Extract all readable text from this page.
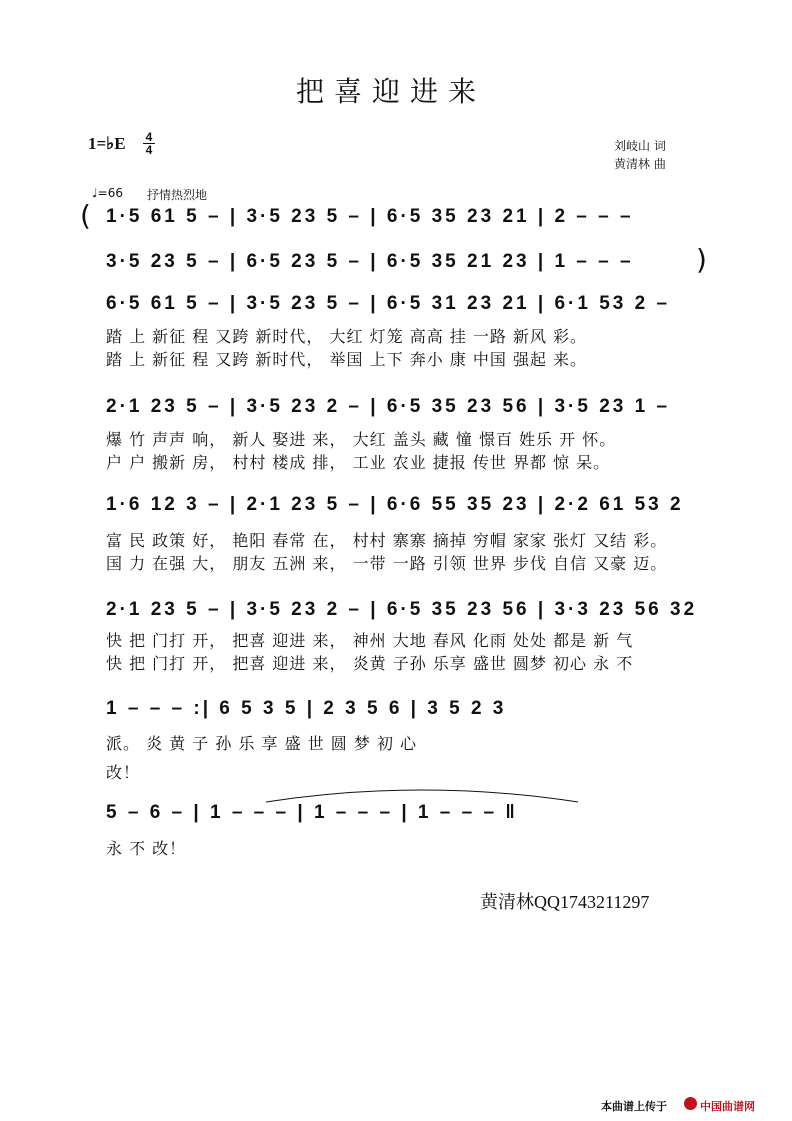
把喜迎进来
1=♭E 4
4	刘岐山 词
黄清林 曲
♩=66 抒情热烈地
(
)
1·5 61 5 – | 3·5 23 5 – | 6·5 35 23 21 | 2 – – –
3·5 23 5 – | 6·5 23 5 – | 6·5 35 21 23 | 1 – – –
6·5 61 5 – | 3·5 23 5 – | 6·5 31 23 21 | 6·1 53 2 –
踏 上 新征 程 又跨 新时代， 大红 灯笼 高高 挂 一路 新风 彩。
踏 上 新征 程 又跨 新时代， 举国 上下 奔小 康 中国 强起 来。
2·1 23 5 – | 3·5 23 2 – | 6·5 35 23 56 | 3·5 23 1 –
爆 竹 声声 响， 新人 娶进 来， 大红 盖头 藏 憧 憬百 姓乐 开 怀。
户 户 搬新 房， 村村 楼成 排， 工业 农业 捷报 传世 界都 惊 呆。
1·6 12 3 – | 2·1 23 5 – | 6·6 55 35 23 | 2·2 61 53 2
富 民 政策 好， 艳阳 春常 在， 村村 寨寨 摘掉 穷帽 家家 张灯 又结 彩。
国 力 在强 大， 朋友 五洲 来， 一带 一路 引领 世界 步伐 自信 又豪 迈。
2·1 23 5 – | 3·5 23 2 – | 6·5 35 23 56 | 3·3 23 56 32
快 把 门打 开， 把喜 迎进 来， 神州 大地 春风 化雨 处处 都是 新 气
快 把 门打 开， 把喜 迎进 来， 炎黄 子孙 乐享 盛世 圆梦 初心 永 不
1 – – – :| 6 5 3 5 | 2 3 5 6 | 3 5 2 3
派。 炎 黄 子 孙 乐 享 盛 世 圆 梦 初 心
改！
5 – 6 – | 1 – – – | 1 – – – | 1 – – – ‖
永 不 改！
黄清林QQ1743211297
本曲谱上传于	中国曲谱网
